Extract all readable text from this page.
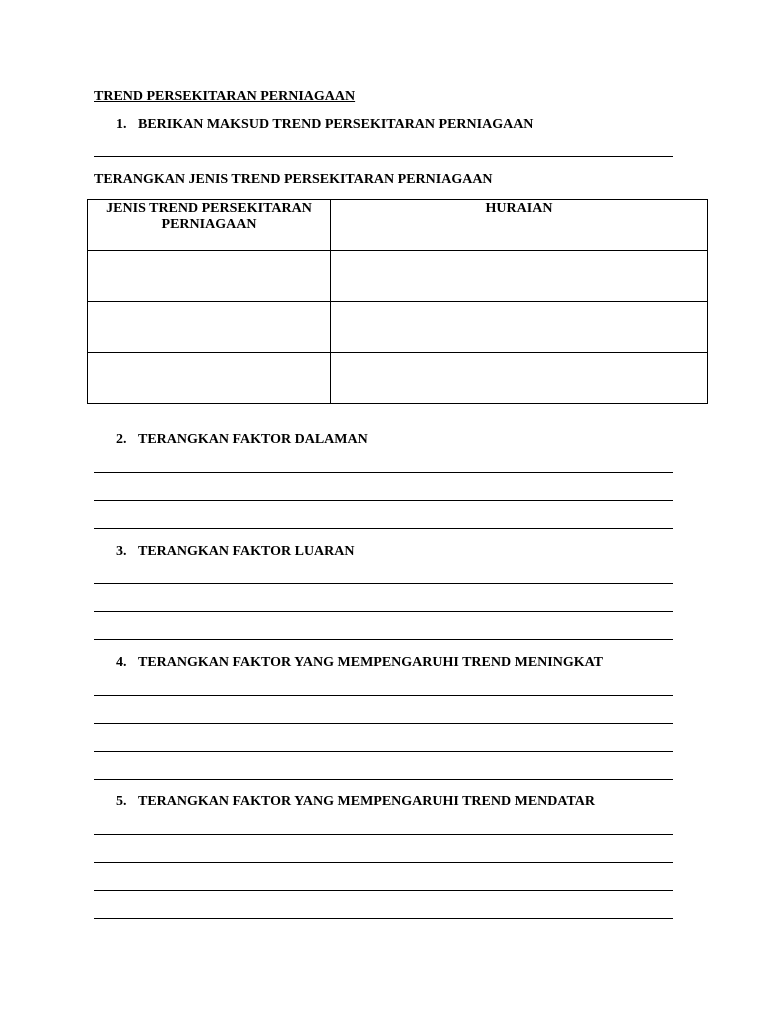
TREND PERSEKITARAN PERNIAGAAN
1. BERIKAN MAKSUD TREND PERSEKITARAN PERNIAGAAN
TERANGKAN JENIS TREND PERSEKITARAN PERNIAGAAN
JENIS TREND PERSEKITARAN PERNIAGAAN	HURAIAN

2. TERANGKAN FAKTOR DALAMAN
3. TERANGKAN FAKTOR LUARAN
4. TERANGKAN FAKTOR YANG MEMPENGARUHI TREND MENINGKAT
5. TERANGKAN FAKTOR YANG MEMPENGARUHI TREND MENDATAR
